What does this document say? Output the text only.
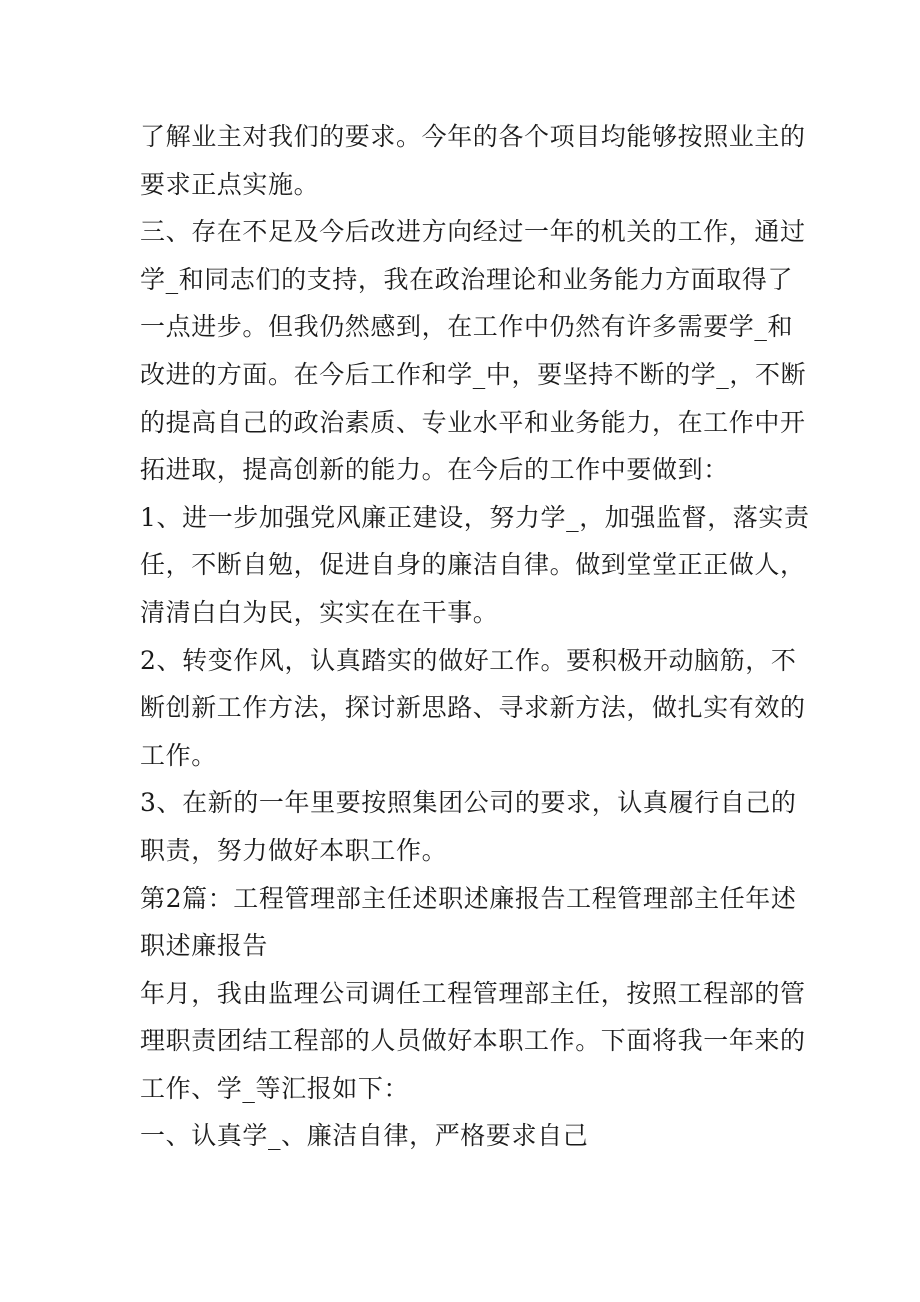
了解业主对我们的要求。今年的各个项目均能够按照业主的
要求正点实施。
三、存在不足及今后改进方向经过一年的机关的工作，通过
学_和同志们的支持，我在政治理论和业务能力方面取得了
一点进步。但我仍然感到，在工作中仍然有许多需要学_和
改进的方面。在今后工作和学_中，要坚持不断的学_，不断
的提高自己的政治素质、专业水平和业务能力，在工作中开
拓进取，提高创新的能力。在今后的工作中要做到：
1、进一步加强党风廉正建设，努力学_，加强监督，落实责
任，不断自勉，促进自身的廉洁自律。做到堂堂正正做人，
清清白白为民，实实在在干事。
2、转变作风，认真踏实的做好工作。要积极开动脑筋，不
断创新工作方法，探讨新思路、寻求新方法，做扎实有效的
工作。
3、在新的一年里要按照集团公司的要求，认真履行自己的
职责，努力做好本职工作。
第2篇：工程管理部主任述职述廉报告工程管理部主任年述
职述廉报告
年月，我由监理公司调任工程管理部主任，按照工程部的管
理职责团结工程部的人员做好本职工作。下面将我一年来的
工作、学_等汇报如下：
一、认真学_、廉洁自律，严格要求自己
